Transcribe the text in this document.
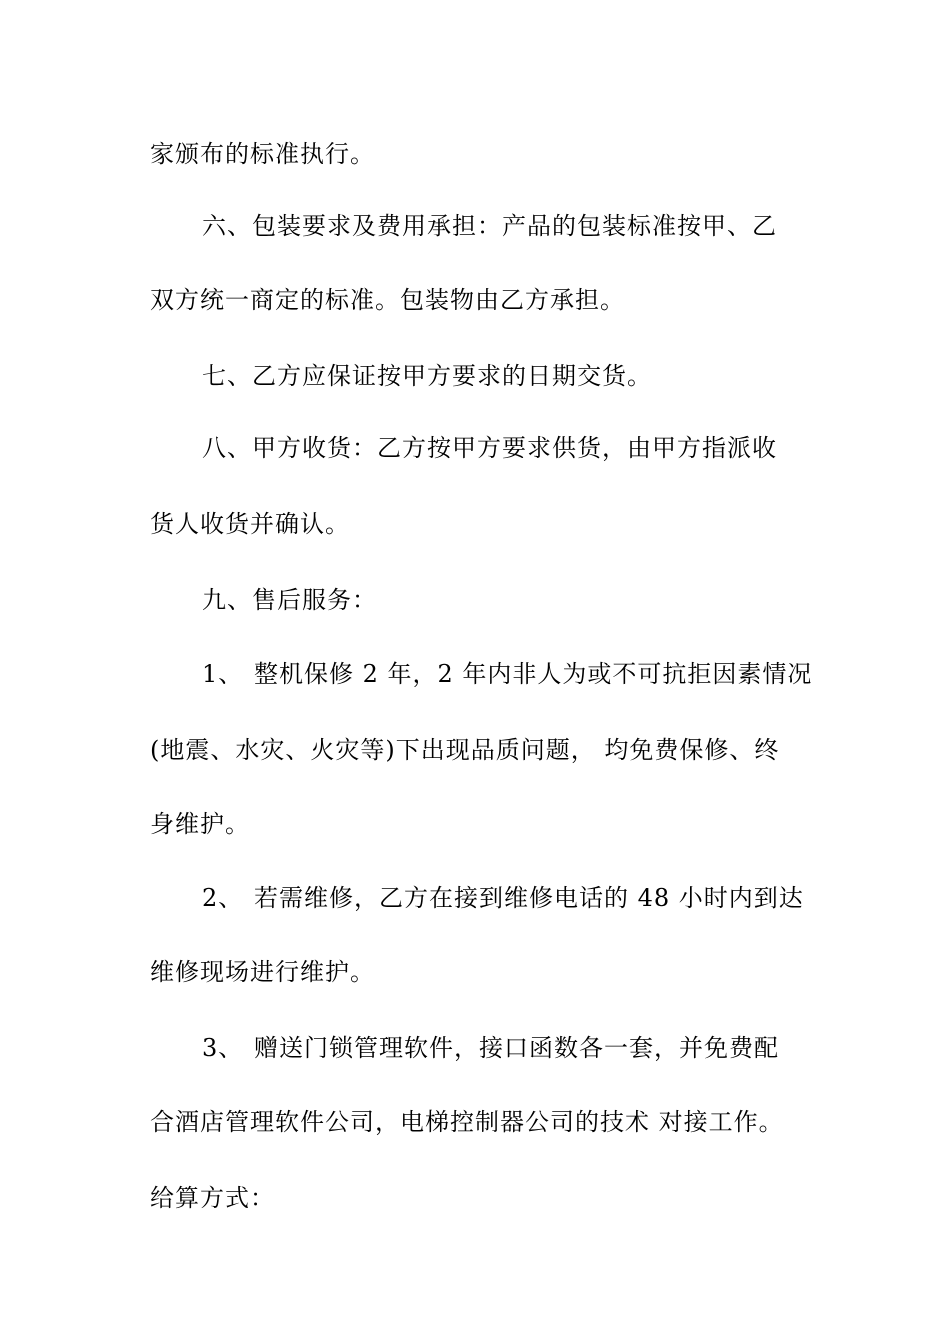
家颁布的标准执行。
六、包装要求及费用承担：产品的包装标准按甲、乙
双方统一商定的标准。包装物由乙方承担。
七、乙方应保证按甲方要求的日期交货。
八、甲方收货：乙方按甲方要求供货，由甲方指派收
货人收货并确认。
九、售后服务：
1、 整机保修 2 年，2 年内非人为或不可抗拒因素情况
(地震、水灾、火灾等)下出现品质问题， 均免费保修、终
身维护。
2、 若需维修，乙方在接到维修电话的 48 小时内到达
维修现场进行维护。
3、 赠送门锁管理软件，接口函数各一套，并免费配
合酒店管理软件公司，电梯控制器公司的技术 对接工作。
给算方式：
